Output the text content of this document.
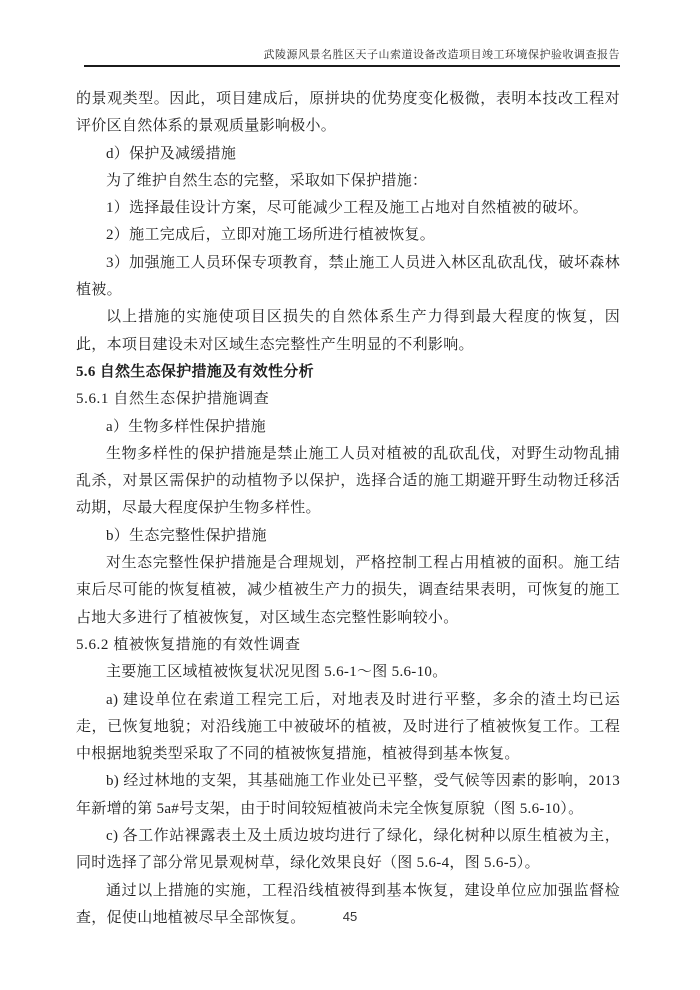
武陵源风景名胜区天子山索道设备改造项目竣工环境保护验收调查报告

的景观类型。因此，项目建成后，原拼块的优势度变化极微，表明本技改工程对评价区自然体系的景观质量影响极小。

d）保护及减缓措施

为了维护自然生态的完整，采取如下保护措施：

1）选择最佳设计方案，尽可能减少工程及施工占地对自然植被的破坏。

2）施工完成后，立即对施工场所进行植被恢复。

3）加强施工人员环保专项教育，禁止施工人员进入林区乱砍乱伐，破坏森林植被。

以上措施的实施使项目区损失的自然体系生产力得到最大程度的恢复，因此，本项目建设未对区域生态完整性产生明显的不利影响。

5.6 自然生态保护措施及有效性分析

5.6.1 自然生态保护措施调查

a）生物多样性保护措施

生物多样性的保护措施是禁止施工人员对植被的乱砍乱伐，对野生动物乱捕乱杀，对景区需保护的动植物予以保护，选择合适的施工期避开野生动物迁移活动期，尽最大程度保护生物多样性。

b）生态完整性保护措施

对生态完整性保护措施是合理规划，严格控制工程占用植被的面积。施工结束后尽可能的恢复植被，减少植被生产力的损失，调查结果表明，可恢复的施工占地大多进行了植被恢复，对区域生态完整性影响较小。

5.6.2 植被恢复措施的有效性调查

主要施工区域植被恢复状况见图 5.6-1～图 5.6-10。

a) 建设单位在索道工程完工后，对地表及时进行平整，多余的渣土均已运走，已恢复地貌；对沿线施工中被破坏的植被，及时进行了植被恢复工作。工程中根据地貌类型采取了不同的植被恢复措施，植被得到基本恢复。

b) 经过林地的支架，其基础施工作业处已平整，受气候等因素的影响，2013 年新增的第 5a#号支架，由于时间较短植被尚未完全恢复原貌（图 5.6-10）。

c) 各工作站裸露表土及土质边坡均进行了绿化，绿化树种以原生植被为主，同时选择了部分常见景观树草，绿化效果良好（图 5.6-4，图 5.6-5）。

通过以上措施的实施，工程沿线植被得到基本恢复，建设单位应加强监督检查，促使山地植被尽早全部恢复。	45
